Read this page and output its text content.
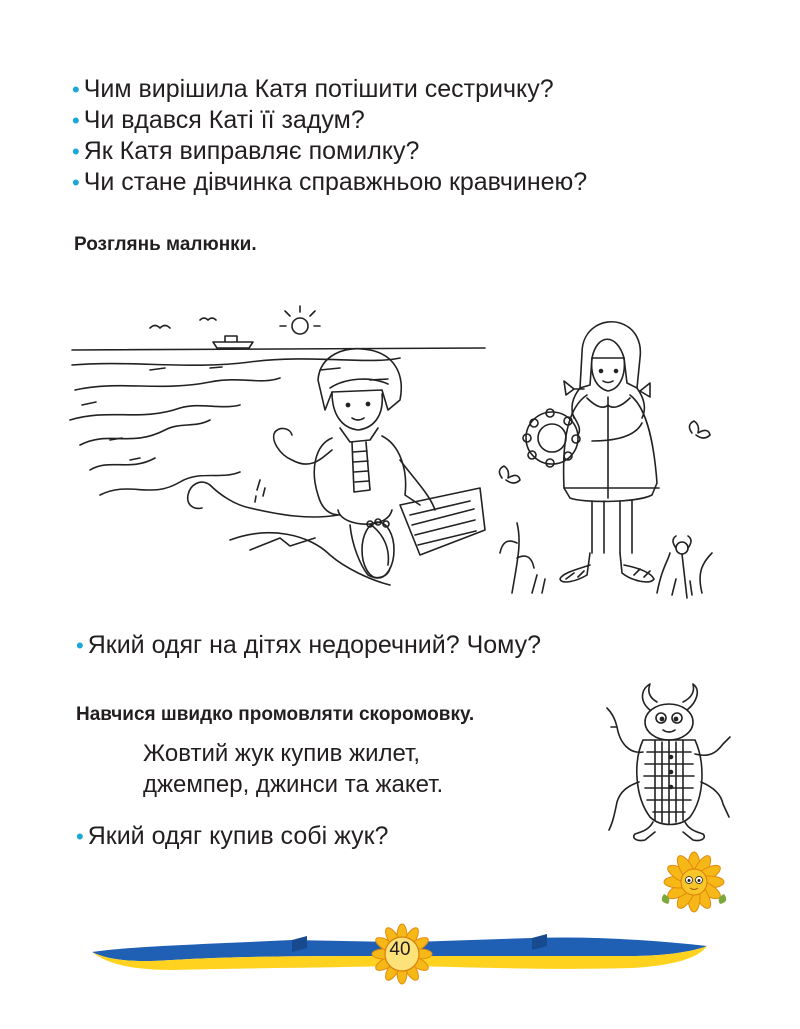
• Чим вирішила Катя потішити сестричку?
• Чи вдався Каті її задум?
• Як Катя виправляє помилку?
• Чи стане дівчинка справжньою кравчинею?
Розглянь малюнки.
• Який одяг на дітях недоречний? Чому?
Навчися швидко промовляти скоромовку.
Жовтий жук купив жилет,
джемпер, джинси та жакет.
• Який одяг купив собі жук?
40
